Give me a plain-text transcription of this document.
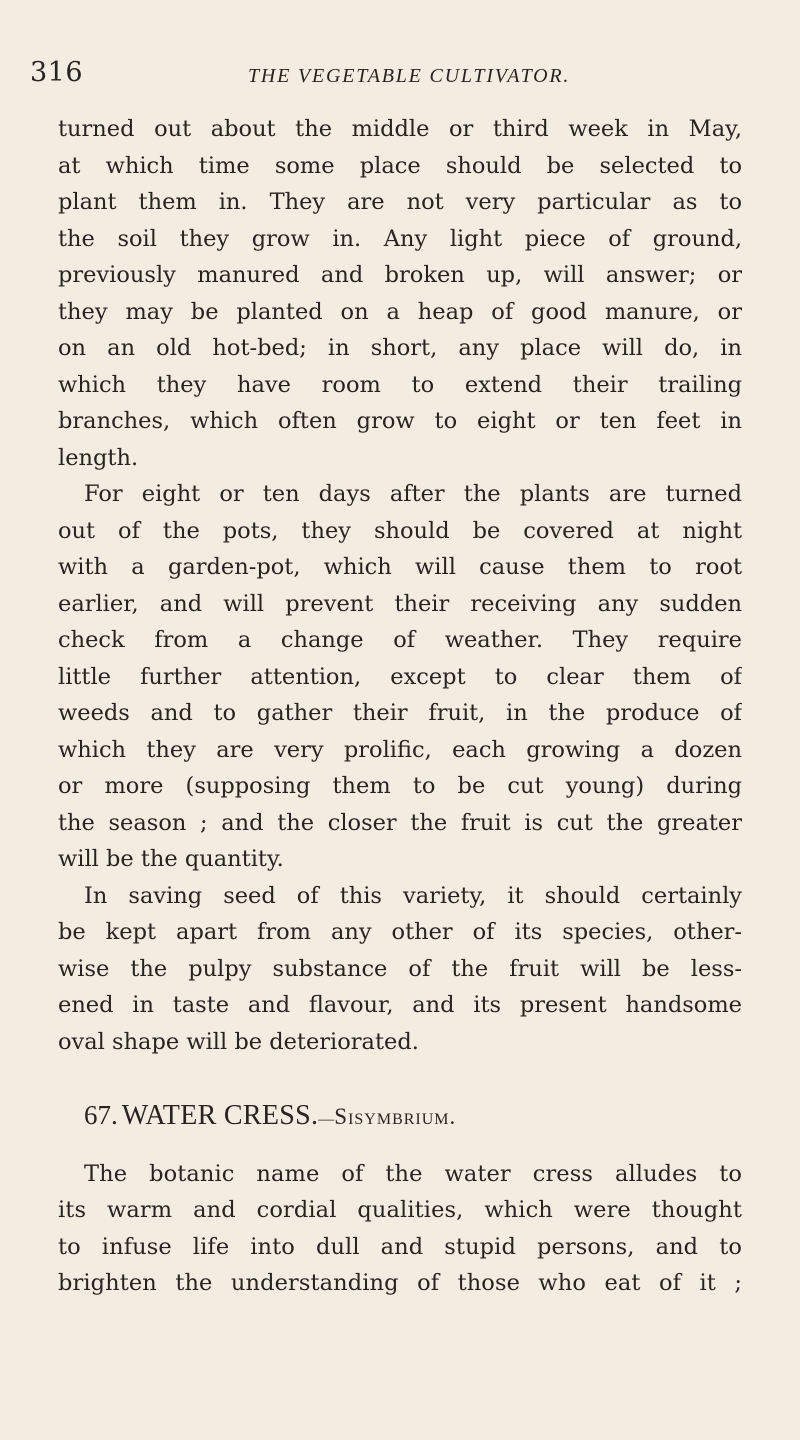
316	THE VEGETABLE CULTIVATOR.
turned out about the middle or third week in May,
at which time some place should be selected to
plant them in. They are not very particular as to
the soil they grow in. Any light piece of ground,
previously manured and broken up, will answer; or
they may be planted on a heap of good manure, or
on an old hot-bed; in short, any place will do, in
which they have room to extend their trailing
branches, which often grow to eight or ten feet in
length.
For eight or ten days after the plants are turned
out of the pots, they should be covered at night
with a garden-pot, which will cause them to root
earlier, and will prevent their receiving any sudden
check from a change of weather. They require
little further attention, except to clear them of
weeds and to gather their fruit, in the produce of
which they are very prolific, each growing a dozen
or more (supposing them to be cut young) during
the season ; and the closer the fruit is cut the greater
will be the quantity.
In saving seed of this variety, it should certainly
be kept apart from any other of its species, other-
wise the pulpy substance of the fruit will be less-
ened in taste and flavour, and its present handsome
oval shape will be deteriorated.
67. WATER CRESS.—Sisymbrium.
The botanic name of the water cress alludes to
its warm and cordial qualities, which were thought
to infuse life into dull and stupid persons, and to
brighten the understanding of those who eat of it ;
